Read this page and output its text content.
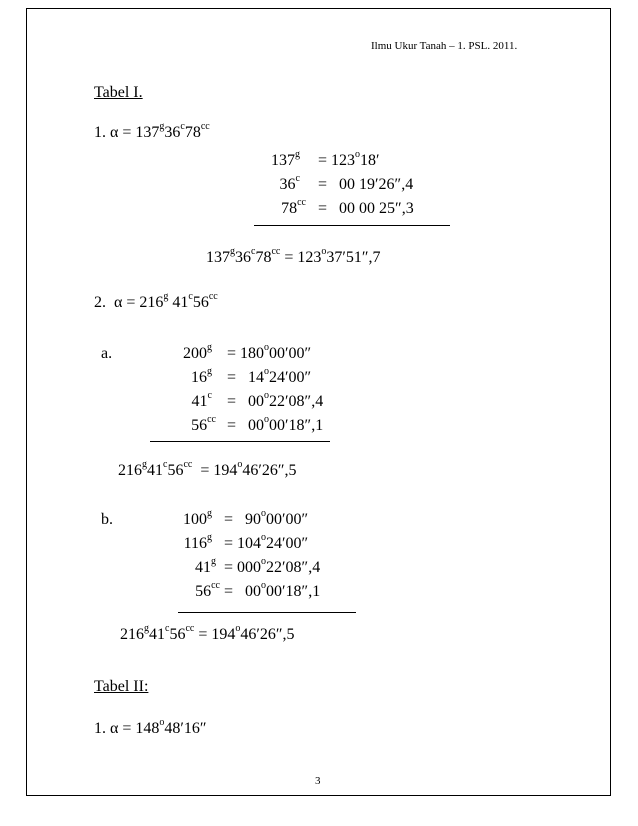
Ilmu Ukur Tanah – 1. PSL. 2011.
Tabel I.
1. $\alpha = 137^g36^c78^{cc}$
$137^g = 123^o18'$
$36^c = 00$ 19′26″,4
$78^{cc} = 00$ 00 25″,3
$137^g36^c78^{cc} = 123^o37'51'',7$
2.  $\alpha = 216^g$ $41^c56^{cc}$
a.	$200^g = 180^o00'00''$
$16^g = 14^o24'00''$
$41^c = 00^o22'08'',4$
$56^{cc} = 00^o00'18'',1$
$216^g41^c56^{cc} = 194^o46'26'',5$
b.	$100^g = 90^o00'00''$
$116^g = 104^o24'00''$
$41^g = 000^o22'08'',4$
$56^{cc} = 00^o00'18'',1$
$216^g41^c56^{cc} = 194^o46'26'',5$
Tabel II:
1. $\alpha = 148^o48'16''$
3
